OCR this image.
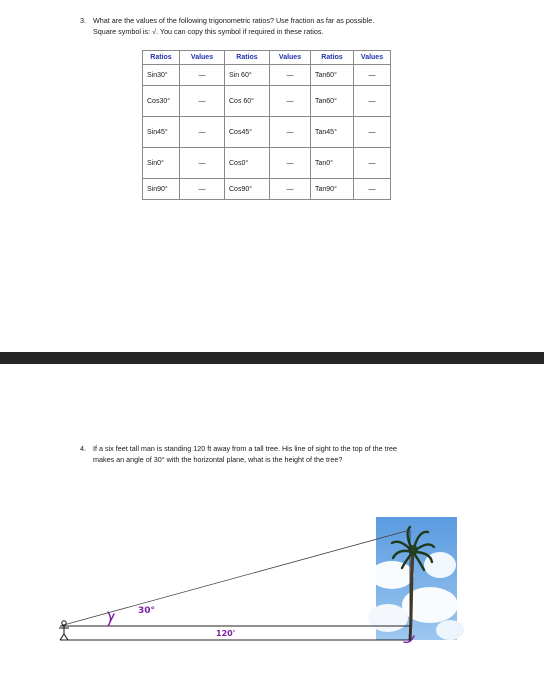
3. What are the values of the following trigonometric ratios? Use fraction as far as possible.
Square symbol is: √. You can copy this symbol if required in these ratios.
Ratios	Values	Ratios	Values	Ratios	Values
Sin30°	—	Sin 60°	—	Tan60°	—
Cos30°	—	Cos 60°	—	Tan60°	—
Sin45°	—	Cos45°	—	Tan45°	—
Sin0°	—	Cos0°	—	Tan0°	—
Sin90°	—	Cos90°	—	Tan90°	—
4. If a six feet tall man is standing 120 ft away from a tall tree. His line of sight to the top of the tree
makes an angle of 30° with the horizontal plane, what is the height of the tree?
30°
120'
